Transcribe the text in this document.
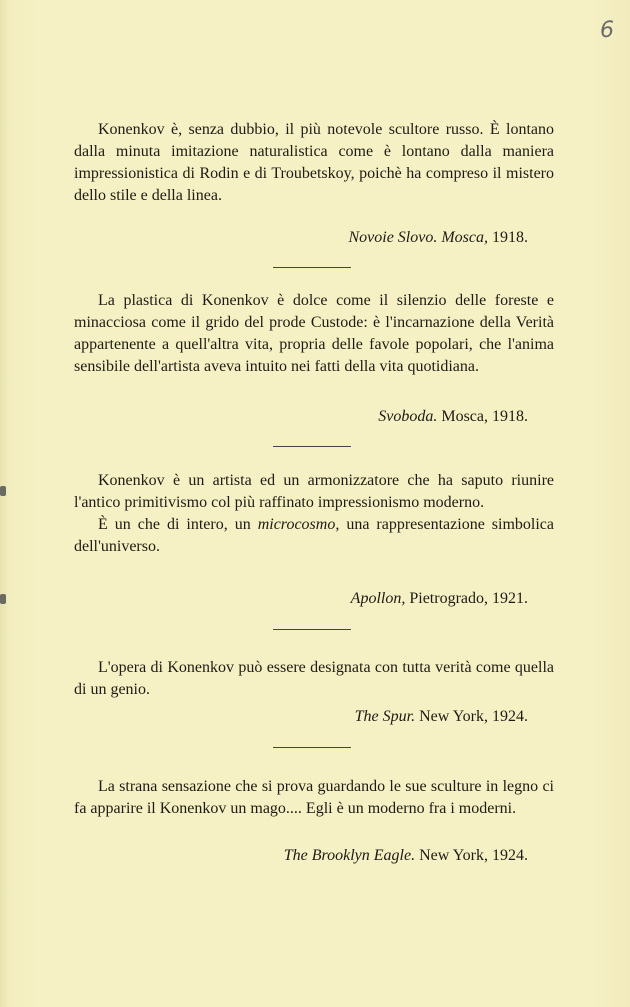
6

Konenkov è, senza dubbio, il più notevole scultore russo. È lontano dalla minuta imitazione naturalistica come è lontano dalla maniera impressionistica di Rodin e di Troubetskoy, poichè ha compreso il mistero dello stile e della linea.

Novoie Slovo. Mosca, 1918.

La plastica di Konenkov è dolce come il silenzio delle foreste e minacciosa come il grido del prode Custode: è l'incarnazione della Verità appartenente a quell'altra vita, propria delle favole popolari, che l'anima sensibile dell'artista aveva intuito nei fatti della vita quotidiana.

Svoboda. Mosca, 1918.

Konenkov è un artista ed un armonizzatore che ha saputo riunire l'antico primitivismo col più raffinato impressionismo moderno.

È un che di intero, un microcosmo, una rappresentazione simbolica dell'universo.

Apollon, Pietrogrado, 1921.

L'opera di Konenkov può essere designata con tutta verità come quella di un genio.

The Spur. New York, 1924.

La strana sensazione che si prova guardando le sue sculture in legno ci fa apparire il Konenkov un mago.... Egli è un moderno fra i moderni.

The Brooklyn Eagle. New York, 1924.
